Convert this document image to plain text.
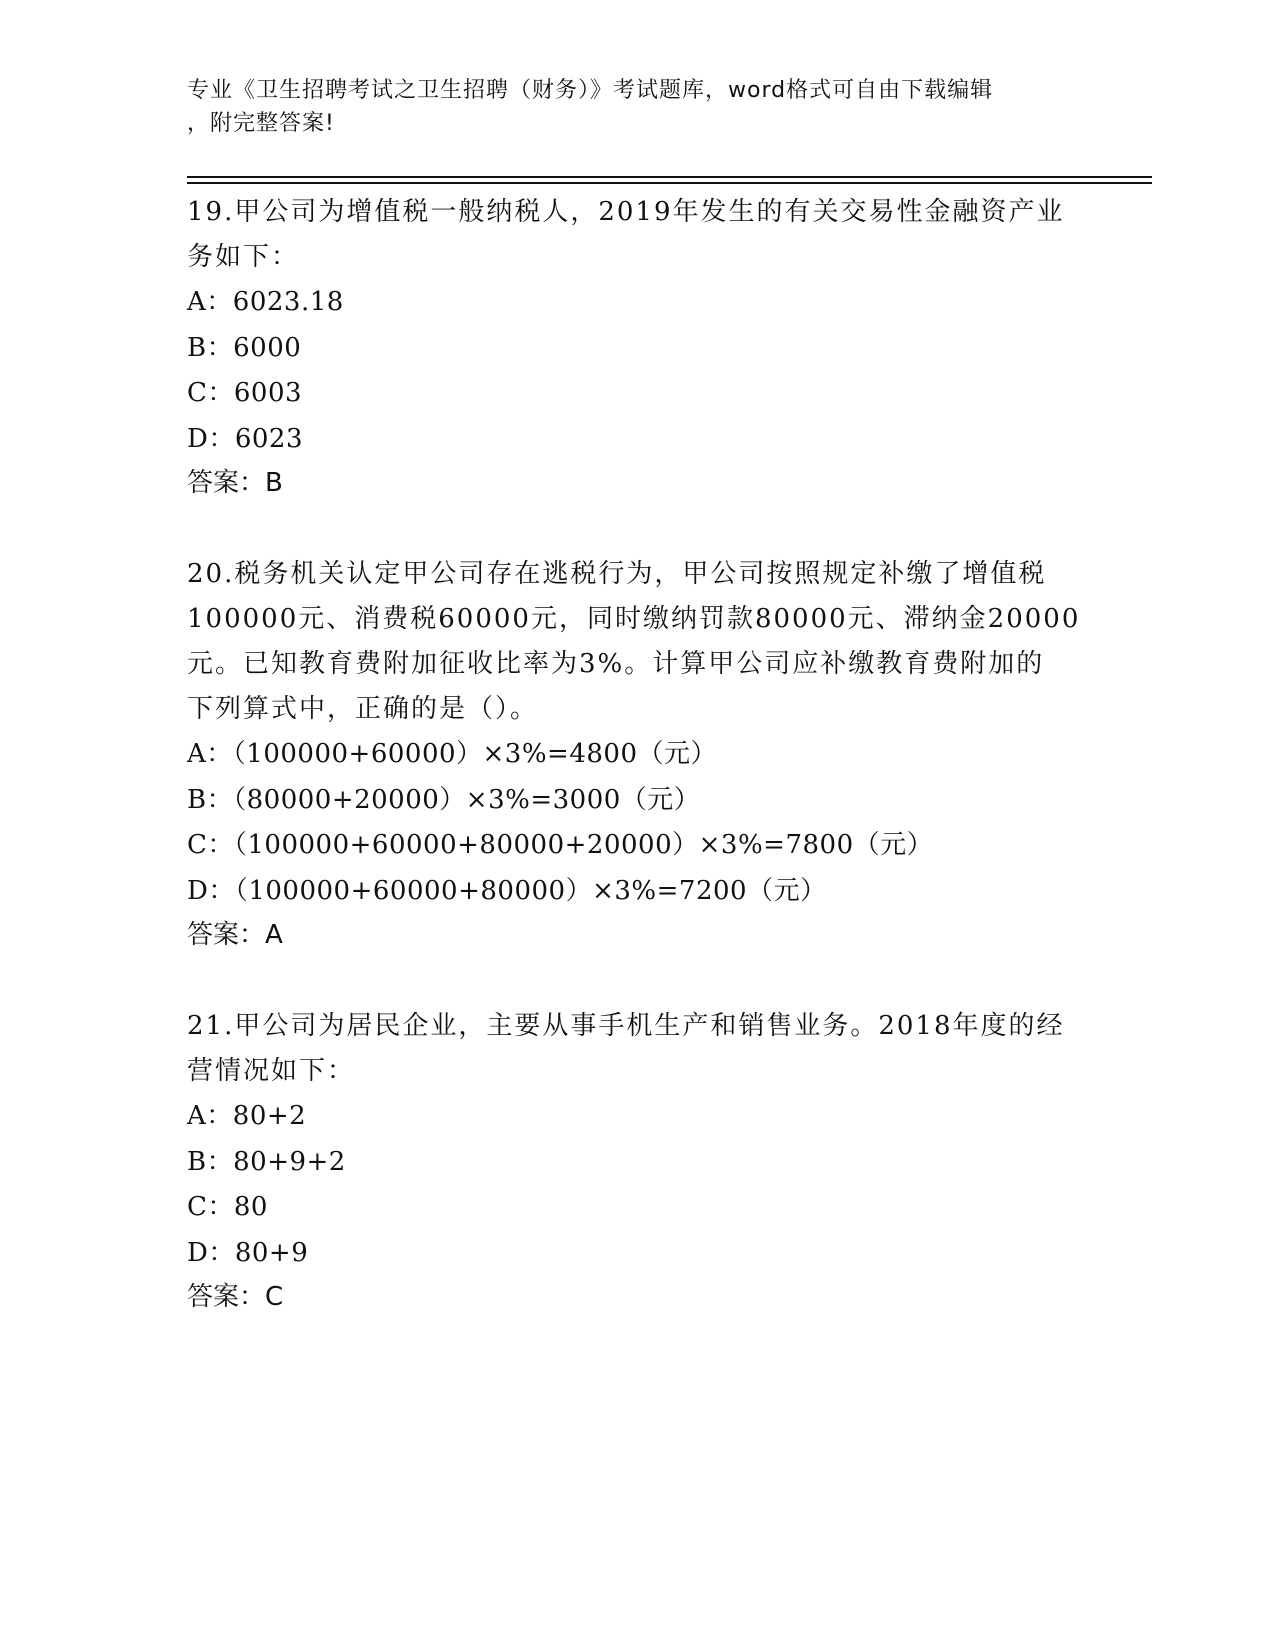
专业《卫生招聘考试之卫生招聘（财务）》考试题库，word格式可自由下载编辑
，附完整答案!
19.甲公司为增值税一般纳税人，2019年发生的有关交易性金融资产业
务如下：
A：6023.18
B：6000
C：6003
D：6023
答案：B
20.税务机关认定甲公司存在逃税行为，甲公司按照规定补缴了增值税
100000元、消费税60000元，同时缴纳罚款80000元、滞纳金20000
元。已知教育费附加征收比率为3%。计算甲公司应补缴教育费附加的
下列算式中，正确的是（）。
A：（100000+60000）×3%=4800（元）
B：（80000+20000）×3%=3000（元）
C：（100000+60000+80000+20000）×3%=7800（元）
D：（100000+60000+80000）×3%=7200（元）
答案：A
21.甲公司为居民企业，主要从事手机生产和销售业务。2018年度的经
营情况如下：
A：80+2
B：80+9+2
C：80
D：80+9
答案：C
